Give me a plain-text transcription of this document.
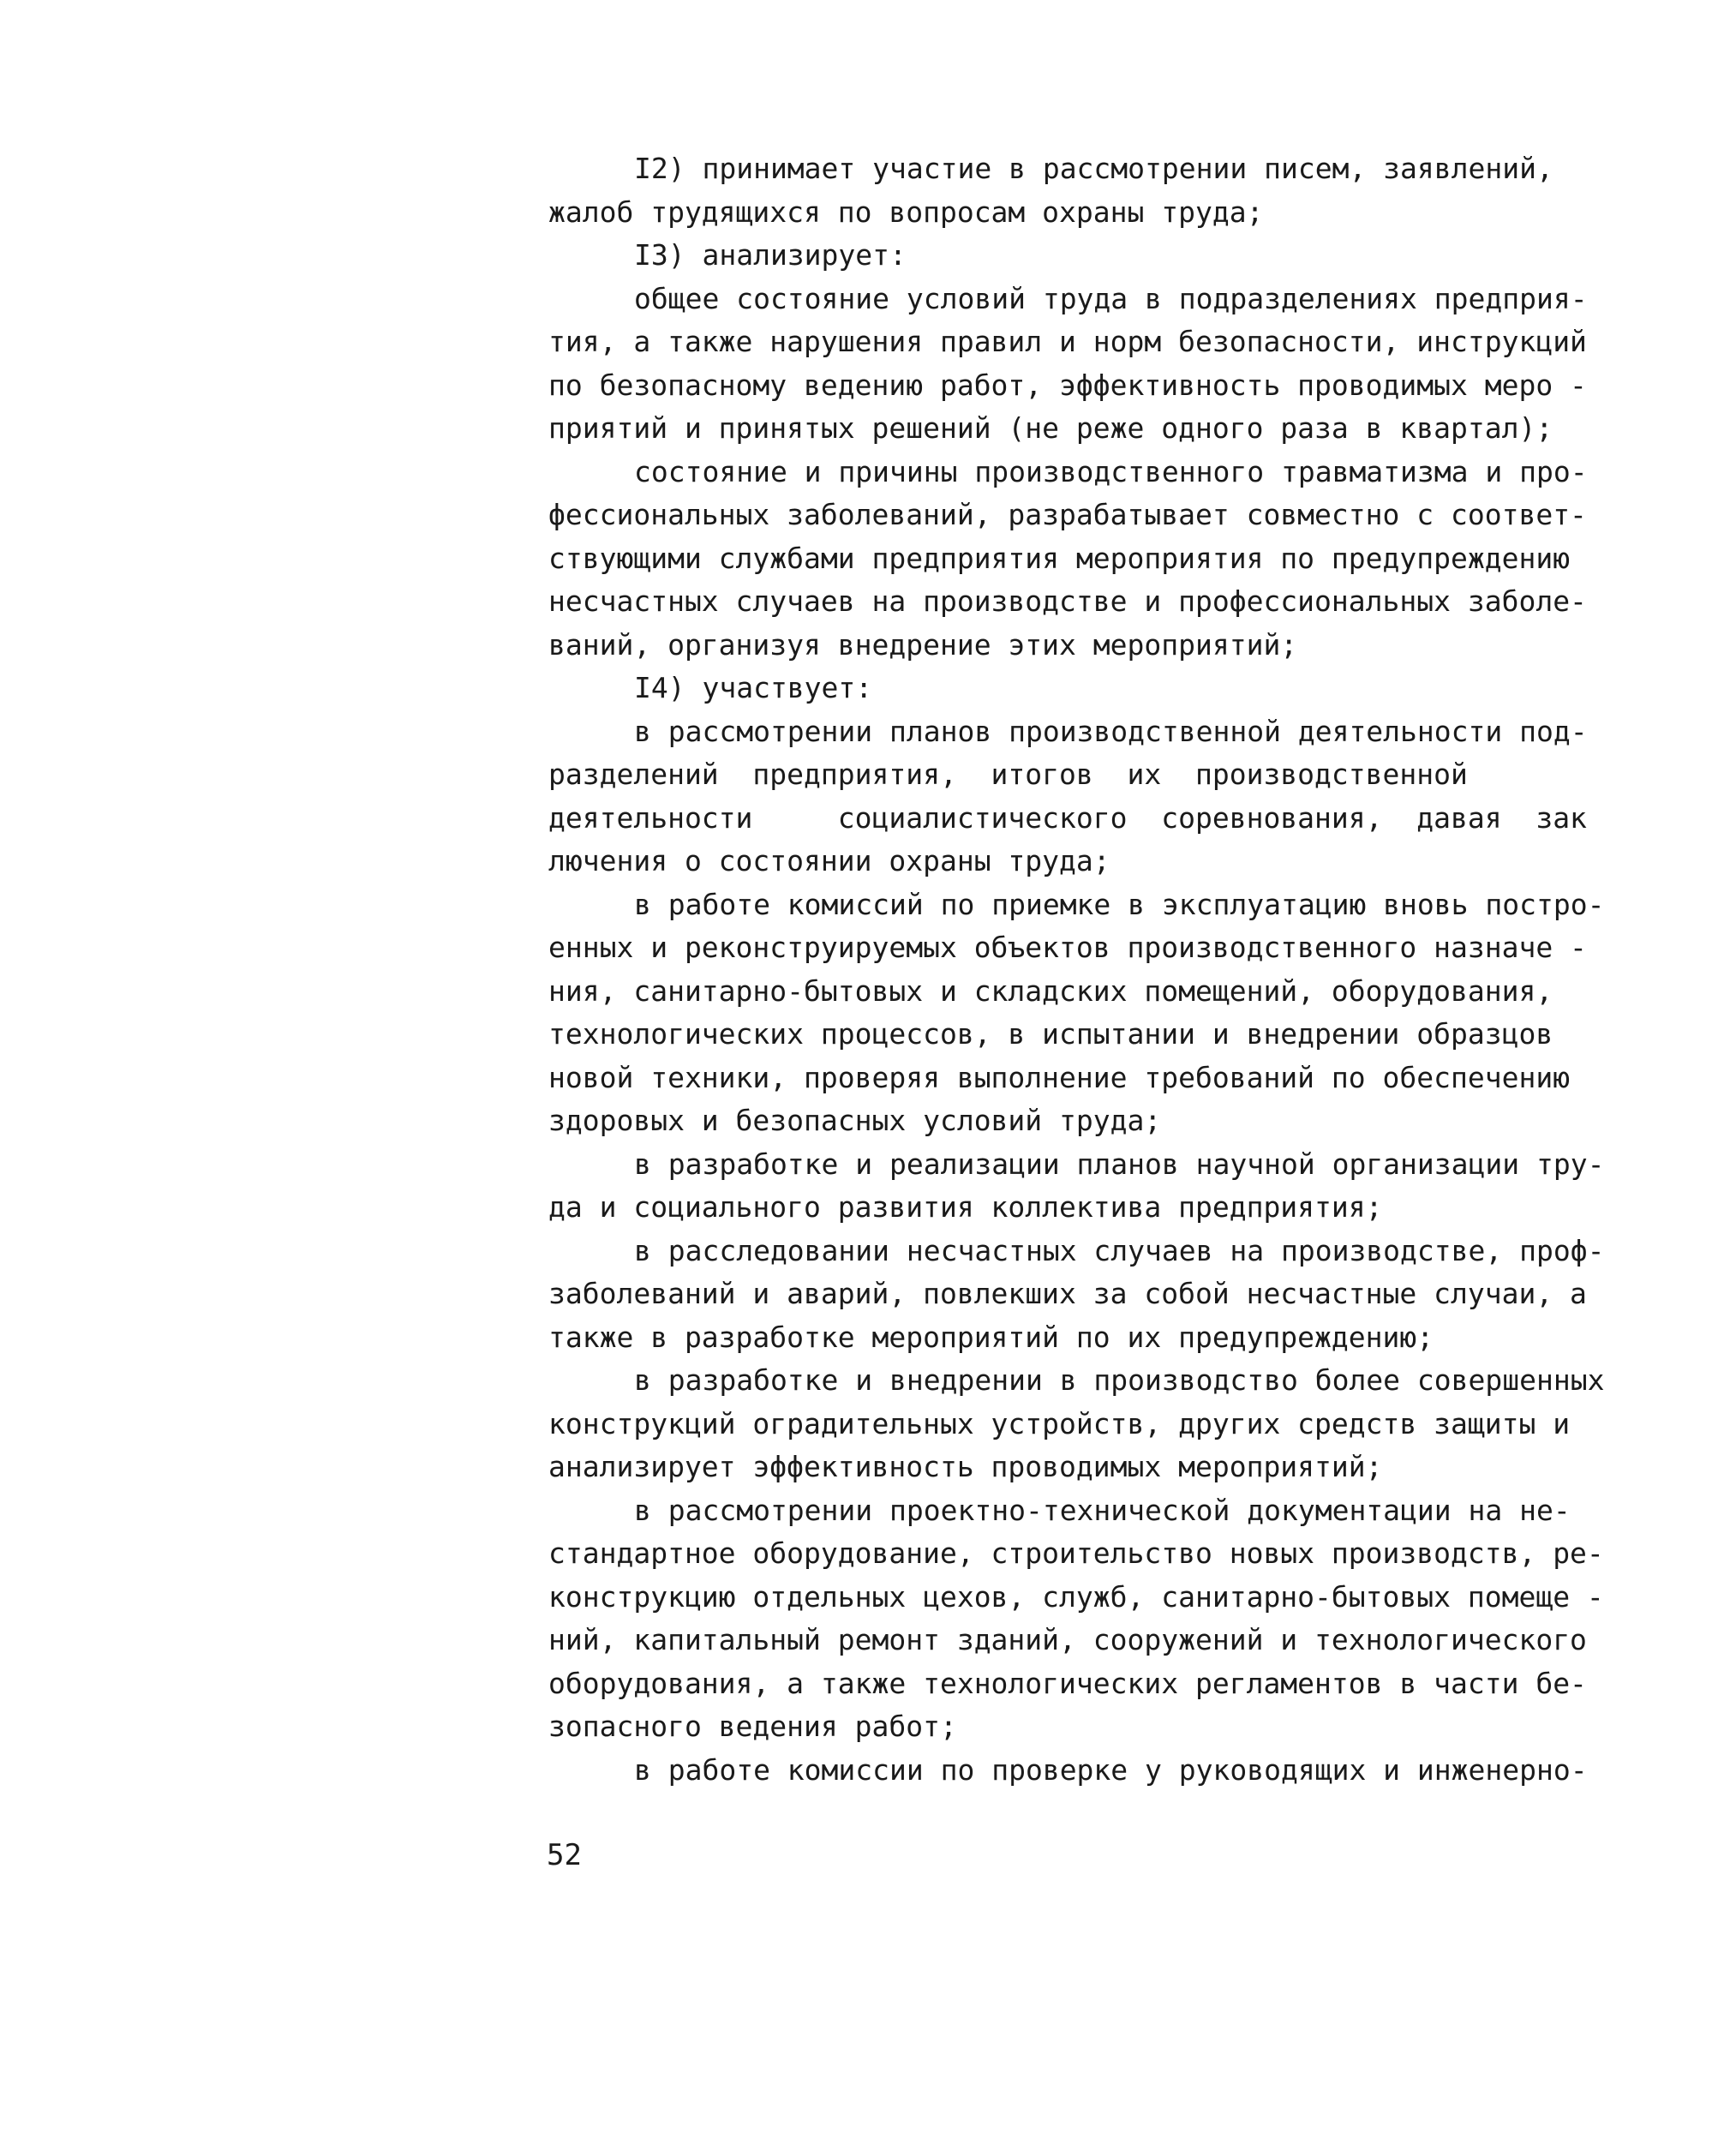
I2) принимает участие в рассмотрении писем, заявлений,
жалоб трудящихся по вопросам охраны труда;
I3) анализирует:
общее состояние условий труда в подразделениях предприя-
тия, а также нарушения правил и норм безопасности, инструкций
по безопасному ведению работ, эффективность проводимых меро -
приятий и принятых решений (не реже одного раза в квартал);
состояние и причины производственного травматизма и про-
фессиональных заболеваний, разрабатывает совместно с соответ-
ствующими службами предприятия мероприятия по предупреждению
несчастных случаев на производстве и профессиональных заболе-
ваний, организуя внедрение этих мероприятий;
I4) участвует:
в рассмотрении планов производственной деятельности под-
разделений  предприятия,  итогов  их  производственной
деятельности     социалистического  соревнования,  давая  зак
лючения о состоянии охраны труда;
в работе комиссий по приемке в эксплуатацию вновь постро-
енных и реконструируемых объектов производственного назначе -
ния, санитарно-бытовых и складских помещений, оборудования,
технологических процессов, в испытании и внедрении образцов
новой техники, проверяя выполнение требований по обеспечению
здоровых и безопасных условий труда;
в разработке и реализации планов научной организации тру-
да и социального развития коллектива предприятия;
в расследовании несчастных случаев на производстве, проф-
заболеваний и аварий, повлекших за собой несчастные случаи, а
также в разработке мероприятий по их предупреждению;
в разработке и внедрении в производство более совершенных
конструкций оградительных устройств, других средств защиты и
анализирует эффективность проводимых мероприятий;
в рассмотрении проектно-технической документации на не-
стандартное оборудование, строительство новых производств, ре-
конструкцию отдельных цехов, служб, санитарно-бытовых помеще -
ний, капитальный ремонт зданий, сооружений и технологического
оборудования, а также технологических регламентов в части бе-
зопасного ведения работ;
в работе комиссии по проверке у руководящих и инженерно-
52
